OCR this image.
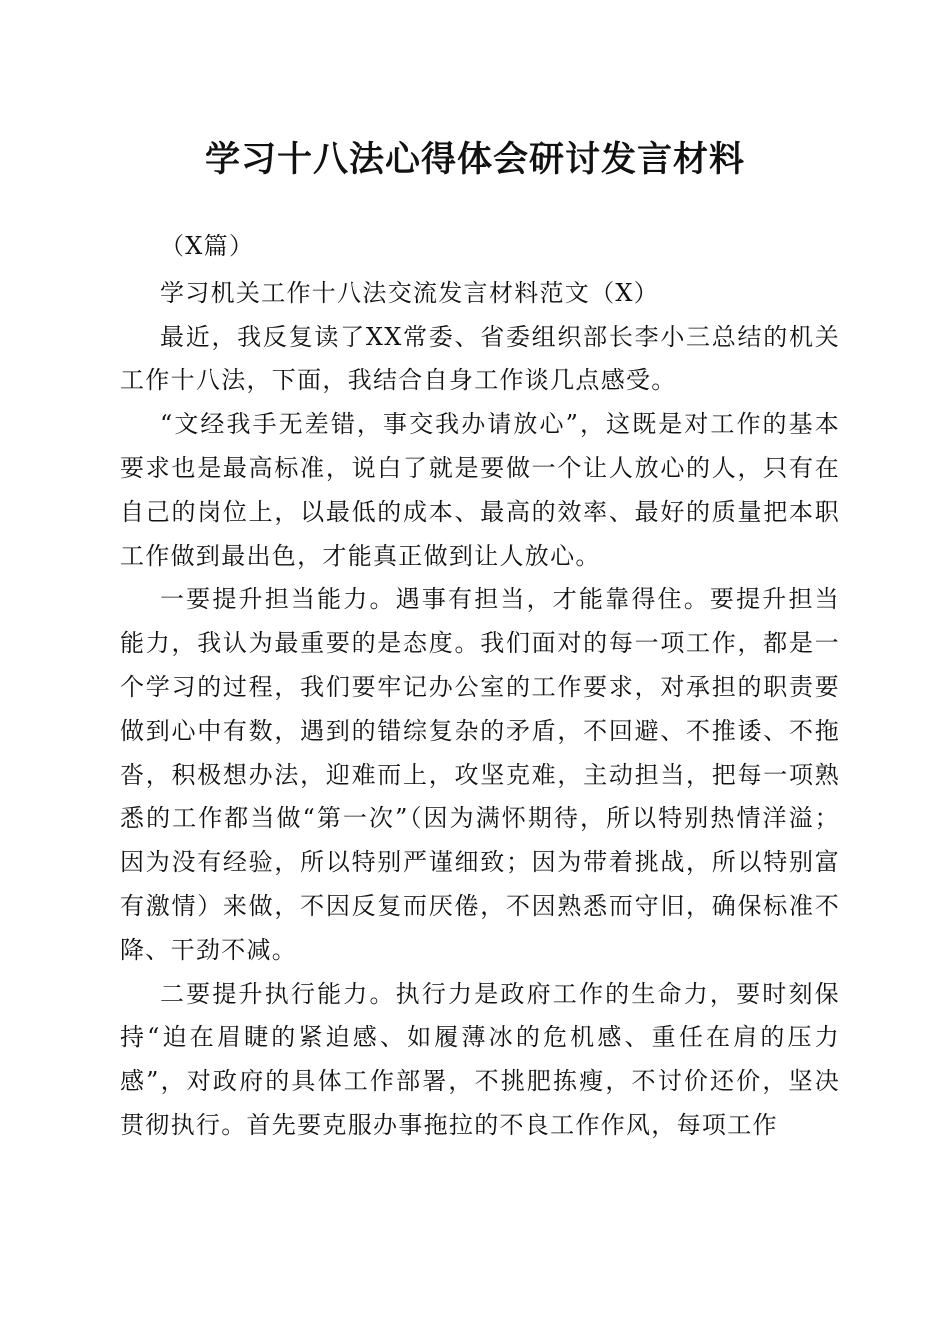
学习十八法心得体会研讨发言材料

（X篇）

学习机关工作十八法交流发言材料范文（X）

最近，我反复读了XX常委、省委组织部长李小三总结的机关工作十八法，下面，我结合自身工作谈几点感受。

“文经我手无差错，事交我办请放心”，这既是对工作的基本要求也是最高标准，说白了就是要做一个让人放心的人，只有在自己的岗位上，以最低的成本、最高的效率、最好的质量把本职工作做到最出色，才能真正做到让人放心。

一要提升担当能力。遇事有担当，才能靠得住。要提升担当能力，我认为最重要的是态度。我们面对的每一项工作，都是一个学习的过程，我们要牢记办公室的工作要求，对承担的职责要做到心中有数，遇到的错综复杂的矛盾，不回避、不推诿、不拖沓，积极想办法，迎难而上，攻坚克难，主动担当，把每一项熟悉的工作都当做“第一次”（因为满怀期待，所以特别热情洋溢；因为没有经验，所以特别严谨细致；因为带着挑战，所以特别富有激情）来做，不因反复而厌倦，不因熟悉而守旧，确保标准不降、干劲不减。

二要提升执行能力。执行力是政府工作的生命力，要时刻保持“迫在眉睫的紧迫感、如履薄冰的危机感、重任在肩的压力感”，对政府的具体工作部署，不挑肥拣瘦，不讨价还价，坚决贯彻执行。首先要克服办事拖拉的不良工作作风，每项工作
